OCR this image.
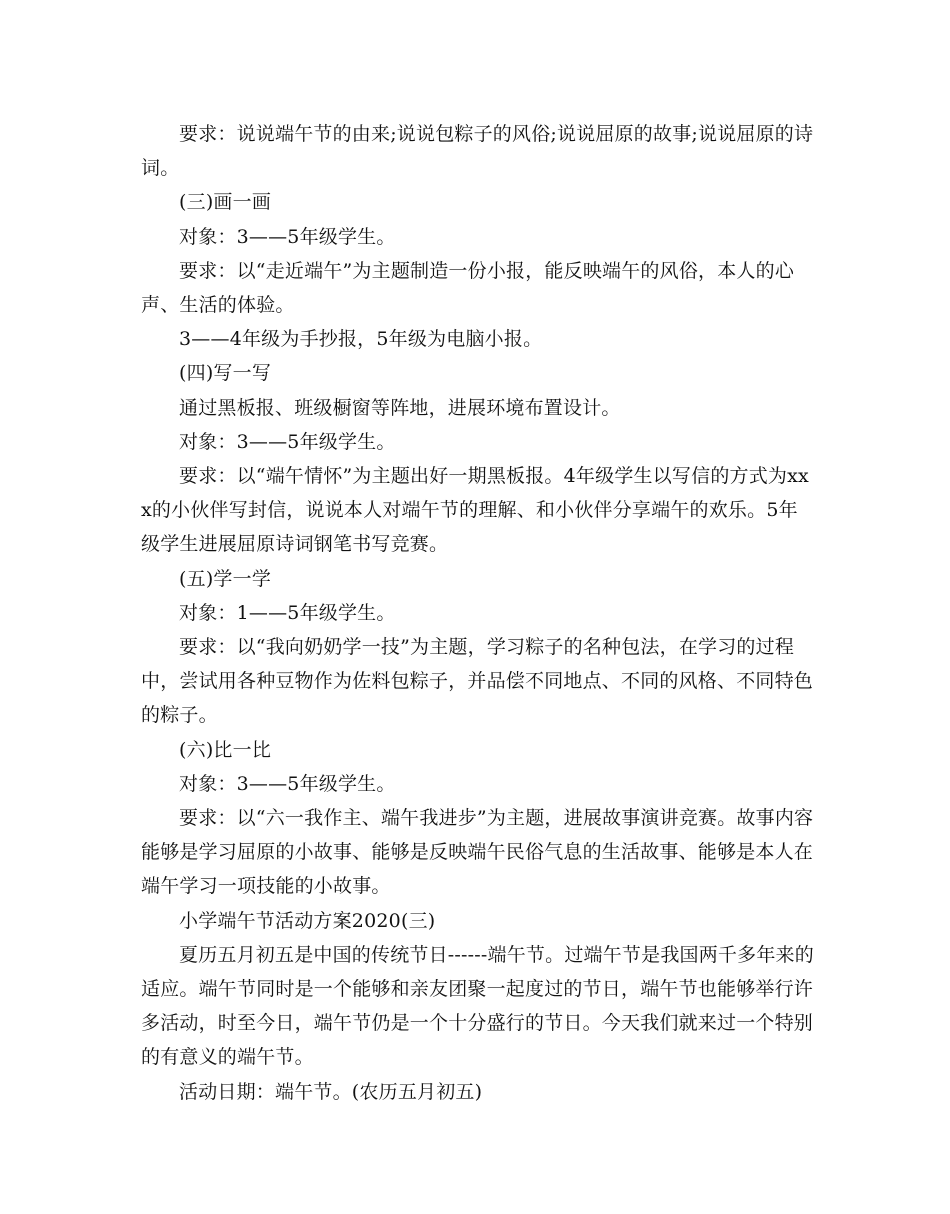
要求：说说端午节的由来;说说包粽子的风俗;说说屈原的故事;说说屈原的诗词。

(三)画一画

对象：3——5年级学生。

要求：以“走近端午”为主题制造一份小报，能反映端午的风俗，本人的心声、生活的体验。

3——4年级为手抄报，5年级为电脑小报。

(四)写一写

通过黑板报、班级橱窗等阵地，进展环境布置设计。

对象：3——5年级学生。

要求：以“端午情怀”为主题出好一期黑板报。4年级学生以写信的方式为xxx的小伙伴写封信，说说本人对端午节的理解、和小伙伴分享端午的欢乐。5年级学生进展屈原诗词钢笔书写竞赛。

(五)学一学

对象：1——5年级学生。

要求：以“我向奶奶学一技”为主题，学习粽子的名种包法，在学习的过程中，尝试用各种豆物作为佐料包粽子，并品偿不同地点、不同的风格、不同特色的粽子。

(六)比一比

对象：3——5年级学生。

要求：以“六一我作主、端午我进步”为主题，进展故事演讲竞赛。故事内容能够是学习屈原的小故事、能够是反映端午民俗气息的生活故事、能够是本人在端午学习一项技能的小故事。

小学端午节活动方案2020(三)

夏历五月初五是中国的传统节日------端午节。过端午节是我国两千多年来的适应。端午节同时是一个能够和亲友团聚一起度过的节日，端午节也能够举行许多活动，时至今日，端午节仍是一个十分盛行的节日。今天我们就来过一个特别的有意义的端午节。

活动日期：端午节。(农历五月初五)
